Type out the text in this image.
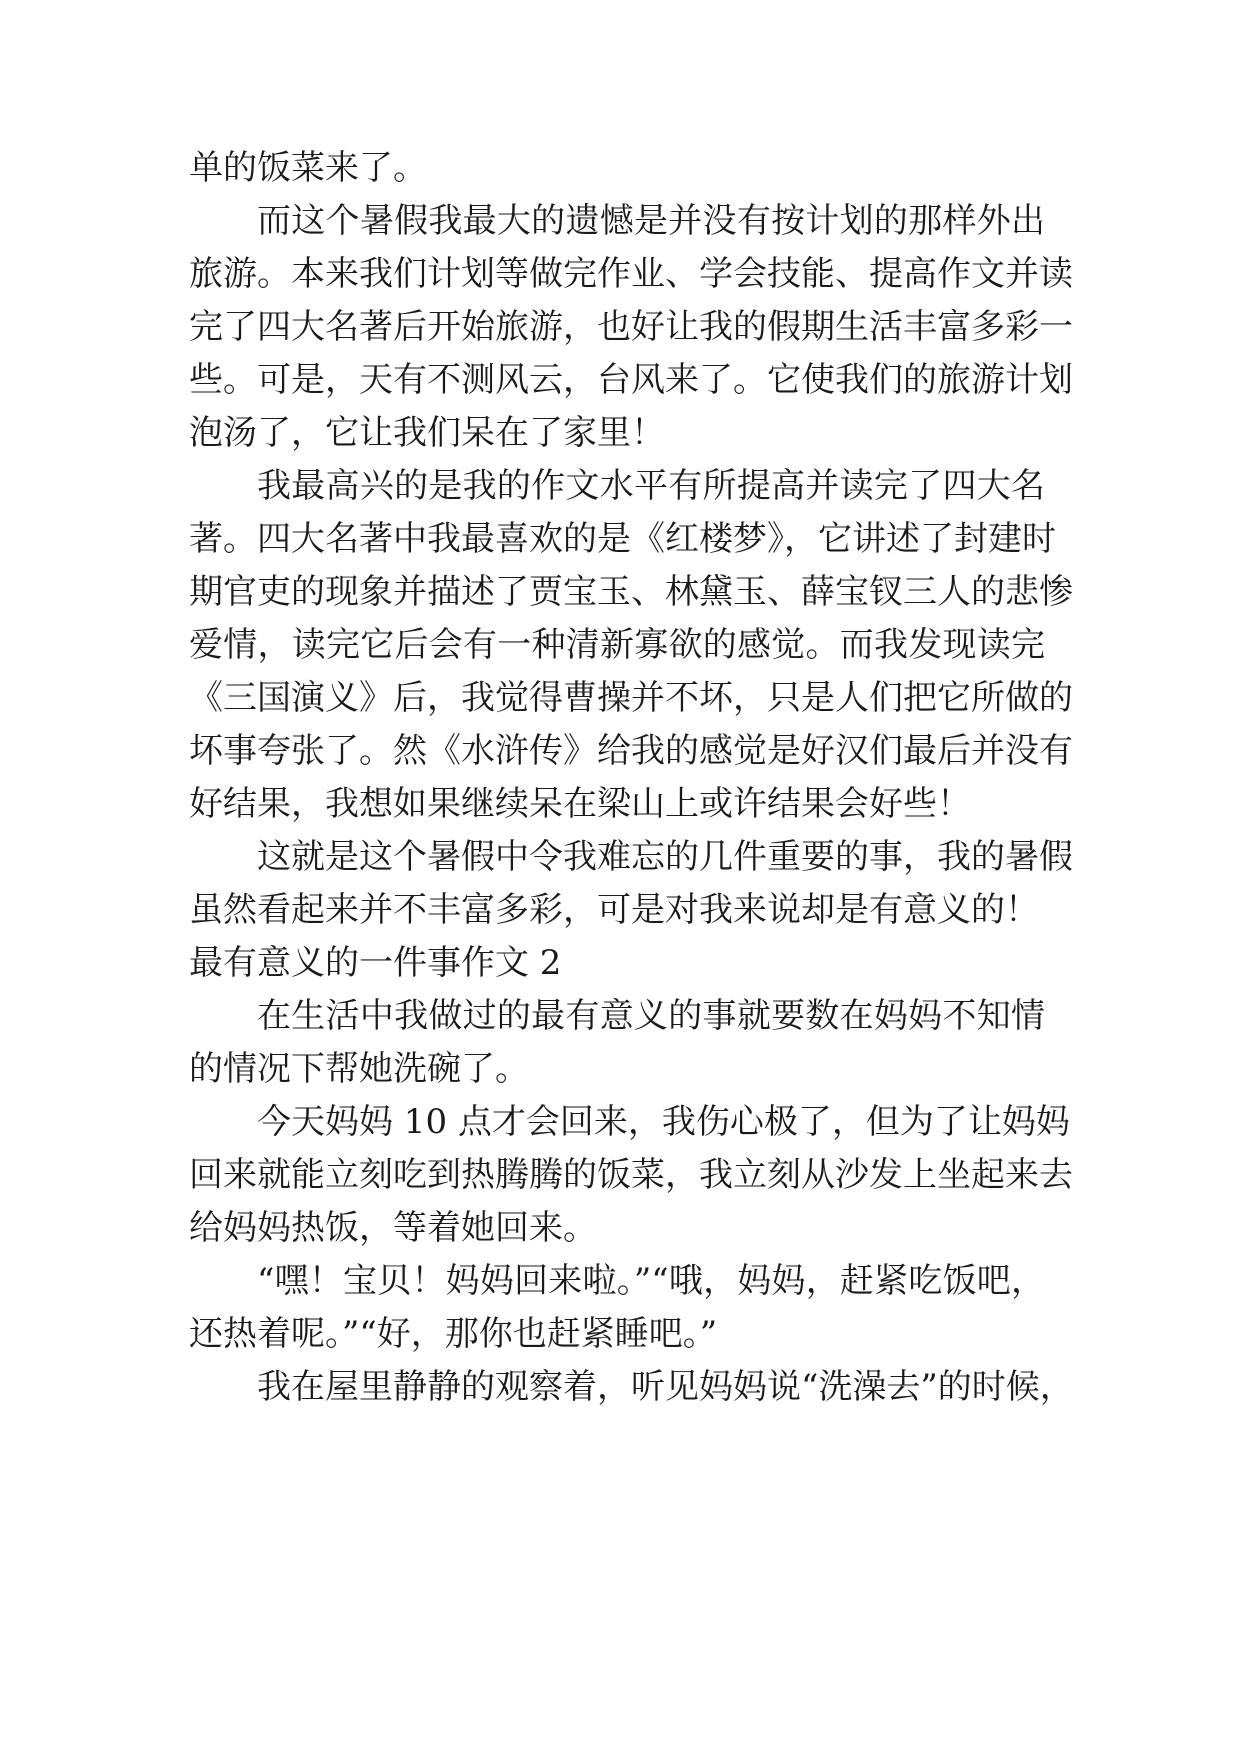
单的饭菜来了。
而这个暑假我最大的遗憾是并没有按计划的那样外出
旅游。本来我们计划等做完作业、学会技能、提高作文并读
完了四大名著后开始旅游，也好让我的假期生活丰富多彩一
些。可是，天有不测风云，台风来了。它使我们的旅游计划
泡汤了，它让我们呆在了家里！
我最高兴的是我的作文水平有所提高并读完了四大名
著。四大名著中我最喜欢的是《红楼梦》，它讲述了封建时
期官吏的现象并描述了贾宝玉、林黛玉、薛宝钗三人的悲惨
爱情，读完它后会有一种清新寡欲的感觉。而我发现读完
《三国演义》后，我觉得曹操并不坏，只是人们把它所做的
坏事夸张了。然《水浒传》给我的感觉是好汉们最后并没有
好结果，我想如果继续呆在梁山上或许结果会好些！
这就是这个暑假中令我难忘的几件重要的事，我的暑假
虽然看起来并不丰富多彩，可是对我来说却是有意义的！
最有意义的一件事作文 2
在生活中我做过的最有意义的事就要数在妈妈不知情
的情况下帮她洗碗了。
今天妈妈 10 点才会回来，我伤心极了，但为了让妈妈
回来就能立刻吃到热腾腾的饭菜，我立刻从沙发上坐起来去
给妈妈热饭，等着她回来。
“嘿！宝贝！妈妈回来啦。”“哦，妈妈，赶紧吃饭吧，
还热着呢。”“好，那你也赶紧睡吧。”
我在屋里静静的观察着，听见妈妈说“洗澡去”的时候，
